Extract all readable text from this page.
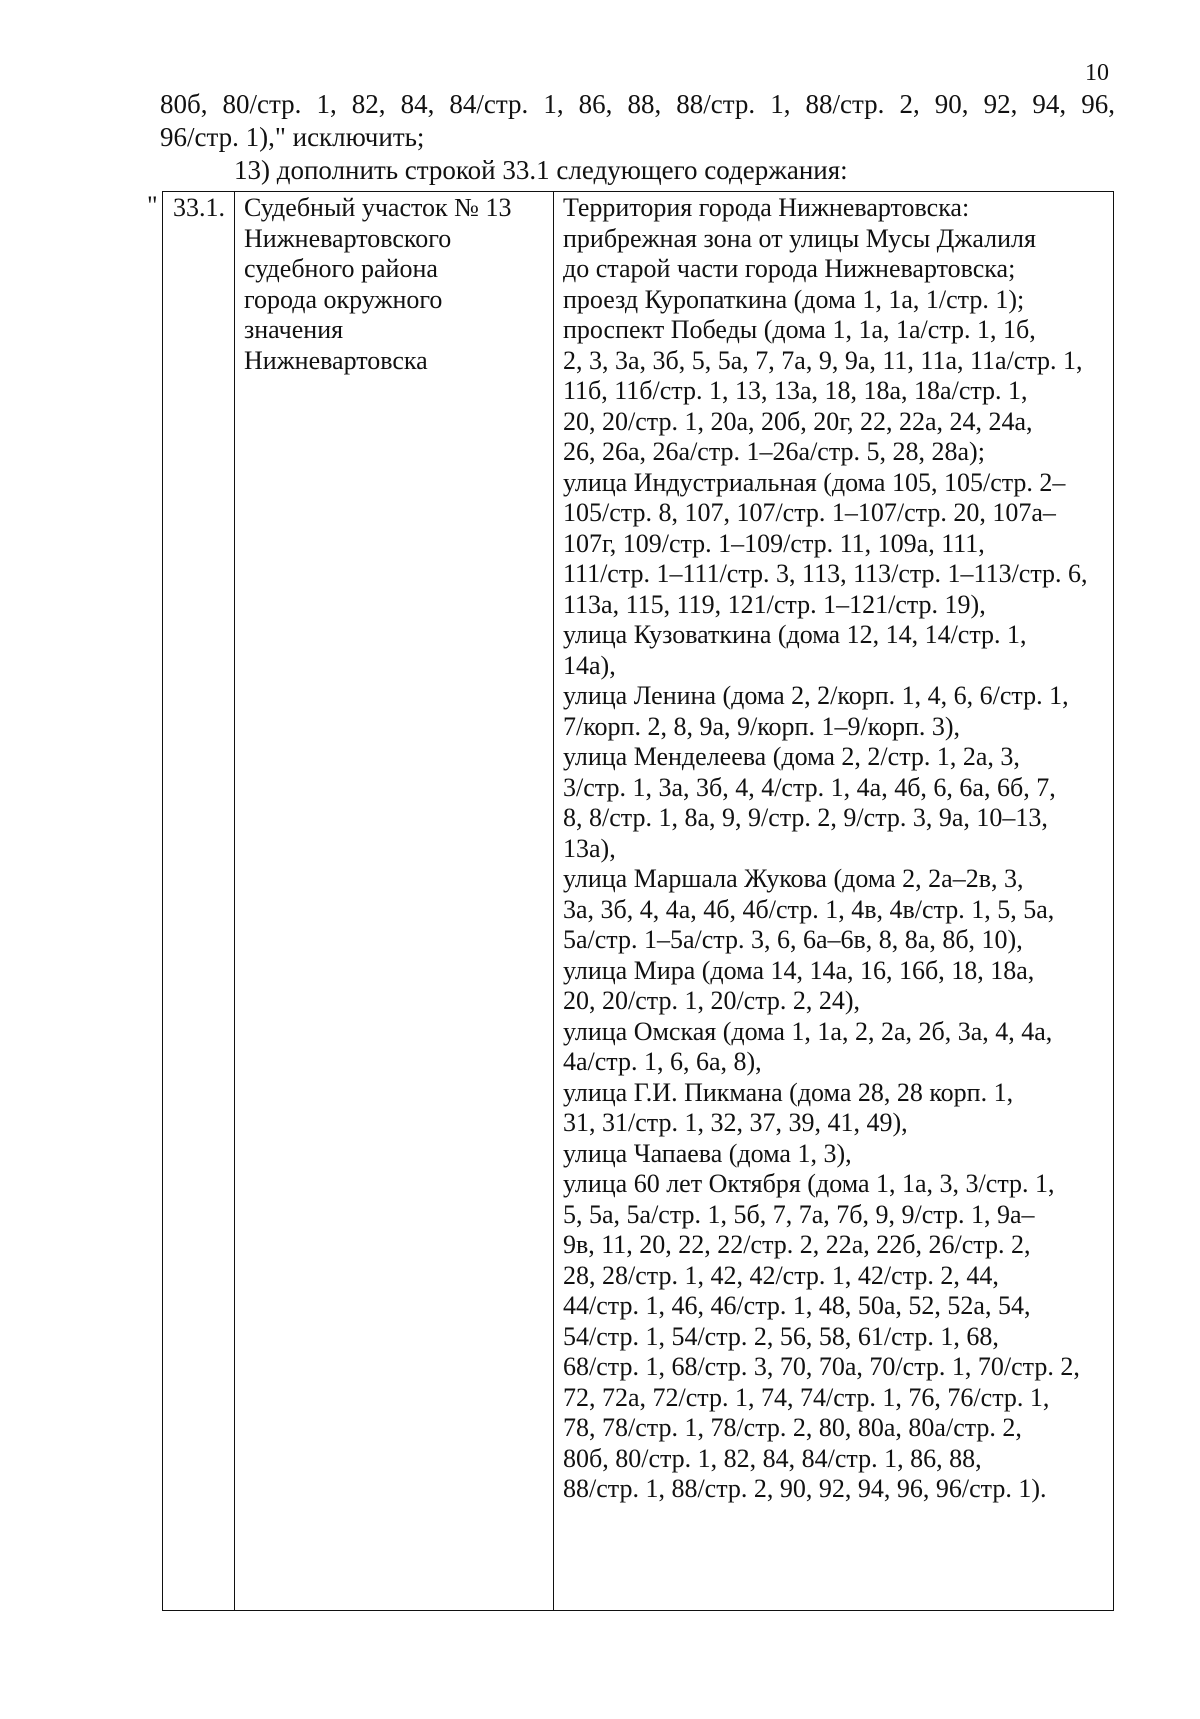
10
80б, 80/стр. 1, 82, 84, 84/стр. 1, 86, 88, 88/стр. 1, 88/стр. 2, 90, 92, 94, 96,
96/стр. 1)," исключить;
13) дополнить строкой 33.1 следующего содержания:
" 33.1. Судебный участок № 13
Нижневартовского
судебного района
города окружного
значения
Нижневартовска
Территория города Нижневартовска:
прибрежная зона от улицы Мусы Джалиля
до старой части города Нижневартовска;
проезд Куропаткина (дома 1, 1а, 1/стр. 1);
проспект Победы (дома 1, 1а, 1а/стр. 1, 1б,
2, 3, 3а, 3б, 5, 5а, 7, 7а, 9, 9а, 11, 11а, 11а/стр. 1,
11б, 11б/стр. 1, 13, 13а, 18, 18а, 18а/стр. 1,
20, 20/стр. 1, 20а, 20б, 20г, 22, 22а, 24, 24а,
26, 26а, 26а/стр. 1–26а/стр. 5, 28, 28а);
улица Индустриальная (дома 105, 105/стр. 2–
105/стр. 8, 107, 107/стр. 1–107/стр. 20, 107а–
107г, 109/стр. 1–109/стр. 11, 109а, 111,
111/стр. 1–111/стр. 3, 113, 113/стр. 1–113/стр. 6,
113а, 115, 119, 121/стр. 1–121/стр. 19),
улица Кузоваткина (дома 12, 14, 14/стр. 1,
14а),
улица Ленина (дома 2, 2/корп. 1, 4, 6, 6/стр. 1,
7/корп. 2, 8, 9а, 9/корп. 1–9/корп. 3),
улица Менделеева (дома 2, 2/стр. 1, 2а, 3,
3/стр. 1, 3а, 3б, 4, 4/стр. 1, 4а, 4б, 6, 6а, 6б, 7,
8, 8/стр. 1, 8а, 9, 9/стр. 2, 9/стр. 3, 9а, 10–13,
13а),
улица Маршала Жукова (дома 2, 2а–2в, 3,
3а, 3б, 4, 4а, 4б, 4б/стр. 1, 4в, 4в/стр. 1, 5, 5а,
5а/стр. 1–5а/стр. 3, 6, 6а–6в, 8, 8а, 8б, 10),
улица Мира (дома 14, 14а, 16, 16б, 18, 18а,
20, 20/стр. 1, 20/стр. 2, 24),
улица Омская (дома 1, 1а, 2, 2а, 2б, 3а, 4, 4а,
4а/стр. 1, 6, 6а, 8),
улица Г.И. Пикмана (дома 28, 28 корп. 1,
31, 31/стр. 1, 32, 37, 39, 41, 49),
улица Чапаева (дома 1, 3),
улица 60 лет Октября (дома 1, 1а, 3, 3/стр. 1,
5, 5а, 5а/стр. 1, 5б, 7, 7а, 7б, 9, 9/стр. 1, 9а–
9в, 11, 20, 22, 22/стр. 2, 22а, 22б, 26/стр. 2,
28, 28/стр. 1, 42, 42/стр. 1, 42/стр. 2, 44,
44/стр. 1, 46, 46/стр. 1, 48, 50а, 52, 52а, 54,
54/стр. 1, 54/стр. 2, 56, 58, 61/стр. 1, 68,
68/стр. 1, 68/стр. 3, 70, 70а, 70/стр. 1, 70/стр. 2,
72, 72а, 72/стр. 1, 74, 74/стр. 1, 76, 76/стр. 1,
78, 78/стр. 1, 78/стр. 2, 80, 80а, 80а/стр. 2,
80б, 80/стр. 1, 82, 84, 84/стр. 1, 86, 88,
88/стр. 1, 88/стр. 2, 90, 92, 94, 96, 96/стр. 1).
